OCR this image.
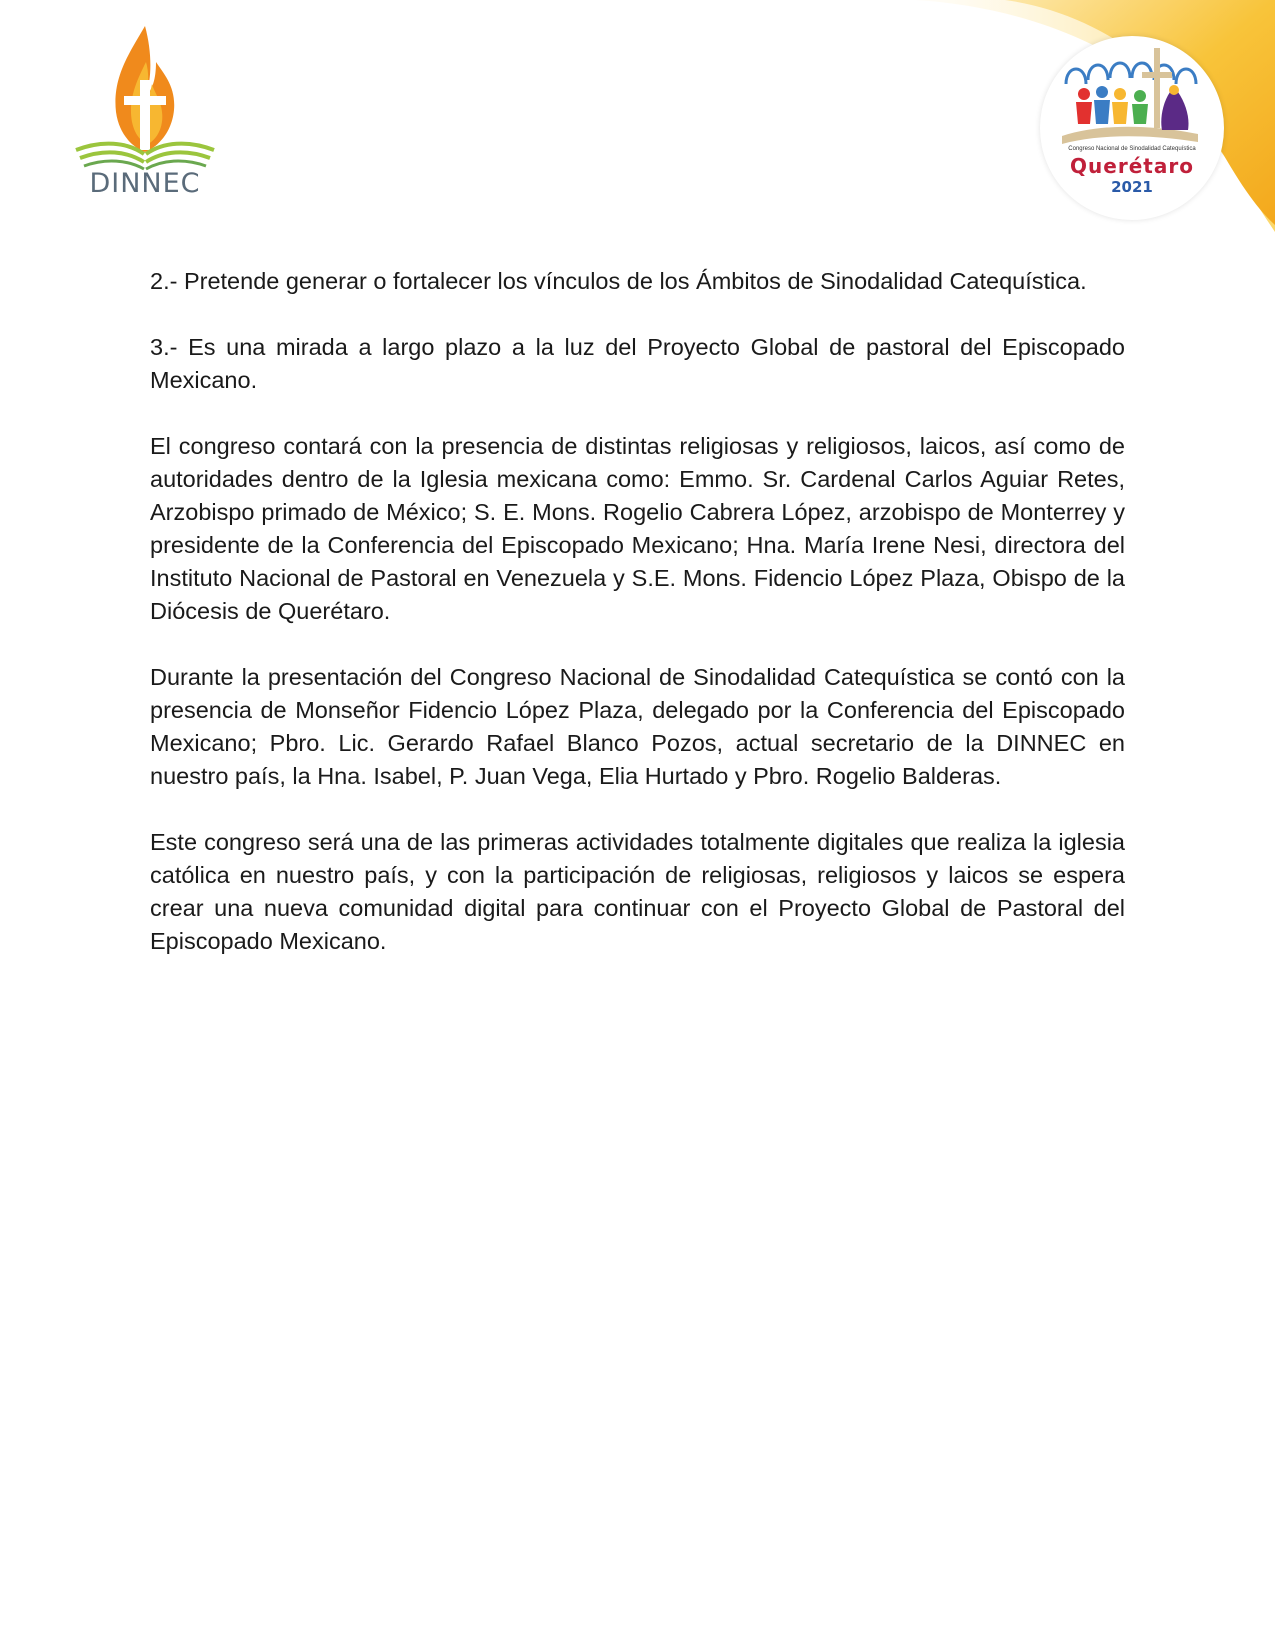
DINNEC
Congreso Nacional de Sinodalidad Catequística
Querétaro
2021

2.- Pretende generar o fortalecer los vínculos de los Ámbitos de Sinodalidad Catequística.

3.- Es una mirada a largo plazo a la luz del Proyecto Global de pastoral del Episcopado Mexicano.

El congreso contará con la presencia de distintas religiosas y religiosos, laicos, así como de autoridades dentro de la Iglesia mexicana como: Emmo. Sr. Cardenal Carlos Aguiar Retes, Arzobispo primado de México; S. E. Mons. Rogelio Cabrera López, arzobispo de Monterrey y presidente de la Conferencia del Episcopado Mexicano; Hna. María Irene Nesi, directora del Instituto Nacional de Pastoral en Venezuela y S.E. Mons. Fidencio López Plaza, Obispo de la Diócesis de Querétaro.

Durante la presentación del Congreso Nacional de Sinodalidad Catequística se contó con la presencia de Monseñor Fidencio López Plaza, delegado por la Conferencia del Episcopado Mexicano; Pbro. Lic. Gerardo Rafael Blanco Pozos, actual secretario de la DINNEC en nuestro país, la Hna. Isabel, P. Juan Vega, Elia Hurtado y Pbro. Rogelio Balderas.

Este congreso será una de las primeras actividades totalmente digitales que realiza la iglesia católica en nuestro país, y con la participación de religiosas, religiosos y laicos se espera crear una nueva comunidad digital para continuar con el Proyecto Global de Pastoral del Episcopado Mexicano.
